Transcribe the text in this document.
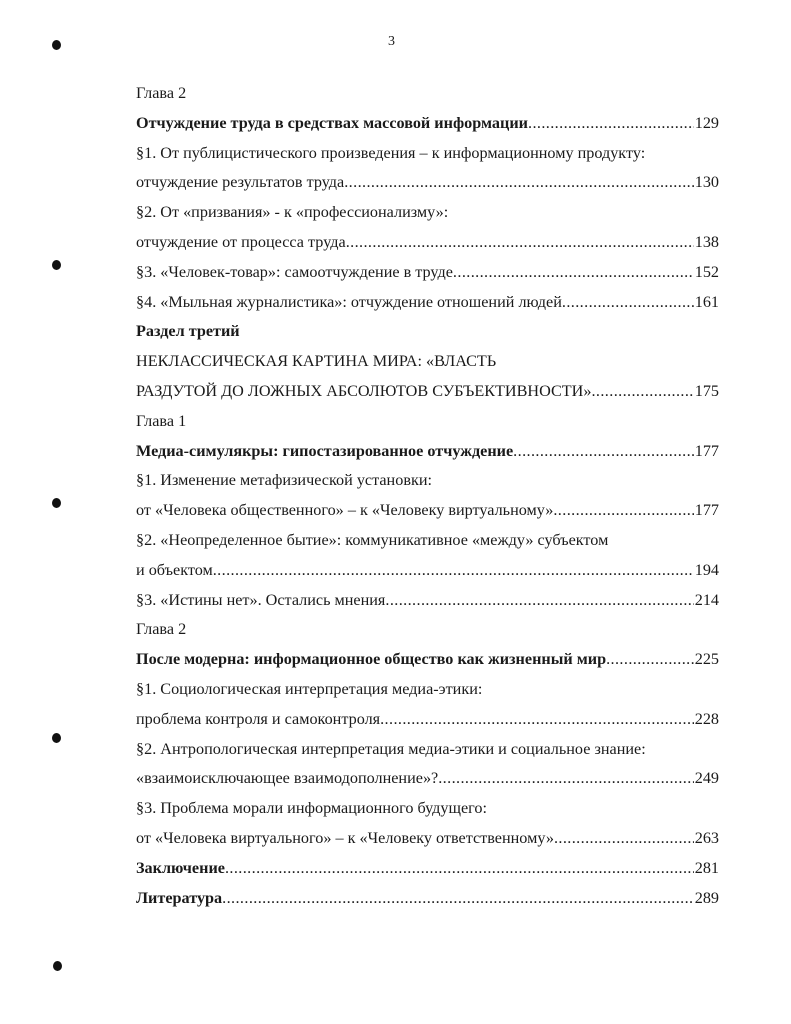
3
Глава 2
Отчуждение труда в средствах массовой информации .....	129
§1. От публицистического произведения – к информационному продукту:
отчуждение результатов труда .....	130
§2. От «призвания» - к «профессионализму»:
отчуждение от процесса труда .....	138
§3. «Человек-товар»: самоотчуждение в труде .....	152
§4. «Мыльная журналистика»: отчуждение отношений людей .....	161
Раздел третий
НЕКЛАССИЧЕСКАЯ КАРТИНА МИРА: «ВЛАСТЬ
РАЗДУТОЙ ДО ЛОЖНЫХ АБСОЛЮТОВ СУБЪЕКТИВНОСТИ» .....	175
Глава 1
Медиа-симулякры: гипостазированное отчуждение .....	177
§1. Изменение метафизической установки:
от «Человека общественного» – к «Человеку виртуальному» .....	177
§2. «Неопределенное бытие»: коммуникативное «между» субъектом
и объектом .....	194
§3. «Истины нет». Остались мнения .....	214
Глава 2
После модерна: информационное общество как жизненный мир .....	225
§1. Социологическая интерпретация медиа-этики:
проблема контроля и самоконтроля .....	228
§2. Антропологическая интерпретация медиа-этики и социальное знание:
«взаимоисключающее взаимодополнение»? .....	249
§3. Проблема морали информационного будущего:
от «Человека виртуального» – к «Человеку ответственному» .....	263
Заключение .....	281
Литература .....	289
